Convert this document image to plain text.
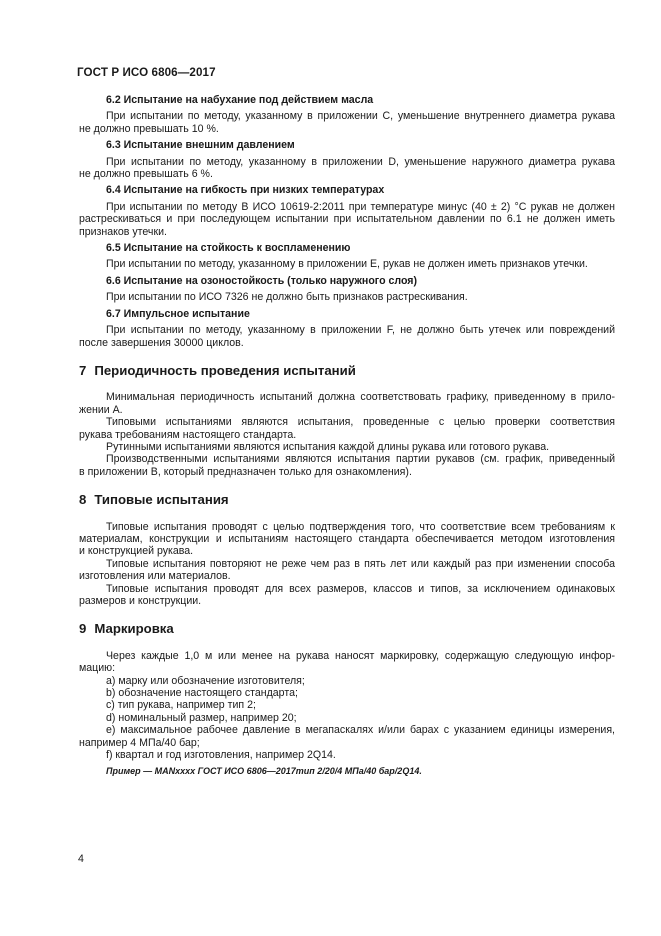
ГОСТ Р ИСО 6806—2017

6.2 Испытание на набухание под действием масла

При испытании по методу, указанному в приложении С, уменьшение внутреннего диаметра рукава

не должно превышать 10 %.

6.3 Испытание внешним давлением

При испытании по методу, указанному в приложении D, уменьшение наружного диаметра рукава

не должно превышать 6 %.

6.4 Испытание на гибкость при низких температурах

При испытании по методу В ИСО 10619-2:2011 при температуре минус (40 ± 2) °С рукав не должен

растрескиваться и при последующем испытании при испытательном давлении по 6.1 не должен иметь

признаков утечки.

6.5 Испытание на стойкость к воспламенению

При испытании по методу, указанному в приложении Е, рукав не должен иметь признаков утечки.

6.6 Испытание на озоностойкость (только наружного слоя)

При испытании по ИСО 7326 не должно быть признаков растрескивания.

6.7 Импульсное испытание

При испытании по методу, указанному в приложении F, не должно быть утечек или повреждений

после завершения 30000 циклов.

7 Периодичность проведения испытаний

Минимальная периодичность испытаний должна соответствовать графику, приведенному в прило-

жении А.

Типовыми испытаниями являются испытания, проведенные с целью проверки соответствия

рукава требованиям настоящего стандарта.

Рутинными испытаниями являются испытания каждой длины рукава или готового рукава.

Производственными испытаниями являются испытания партии рукавов (см. график, приведенный

в приложении В, который предназначен только для ознакомления).

8 Типовые испытания

Типовые испытания проводят с целью подтверждения того, что соответствие всем требованиям к

материалам, конструкции и испытаниям настоящего стандарта обеспечивается методом изготовления

и конструкцией рукава.

Типовые испытания повторяют не реже чем раз в пять лет или каждый раз при изменении способа

изготовления или материалов.

Типовые испытания проводят для всех размеров, классов и типов, за исключением одинаковых

размеров и конструкции.

9 Маркировка

Через каждые 1,0 м или менее на рукава наносят маркировку, содержащую следующую инфор-

мацию:

a) марку или обозначение изготовителя;

b) обозначение настоящего стандарта;

c) тип рукава, например тип 2;

d) номинальный размер, например 20;

e) максимальное рабочее давление в мегапаскалях и/или барах с указанием единицы измерения,

например 4 МПа/40 бар;

f) квартал и год изготовления, например 2Q14.

Пример — MANxxxx ГОСТ ИСО 6806—2017тип 2/20/4 МПа/40 бар/2Q14.

4
